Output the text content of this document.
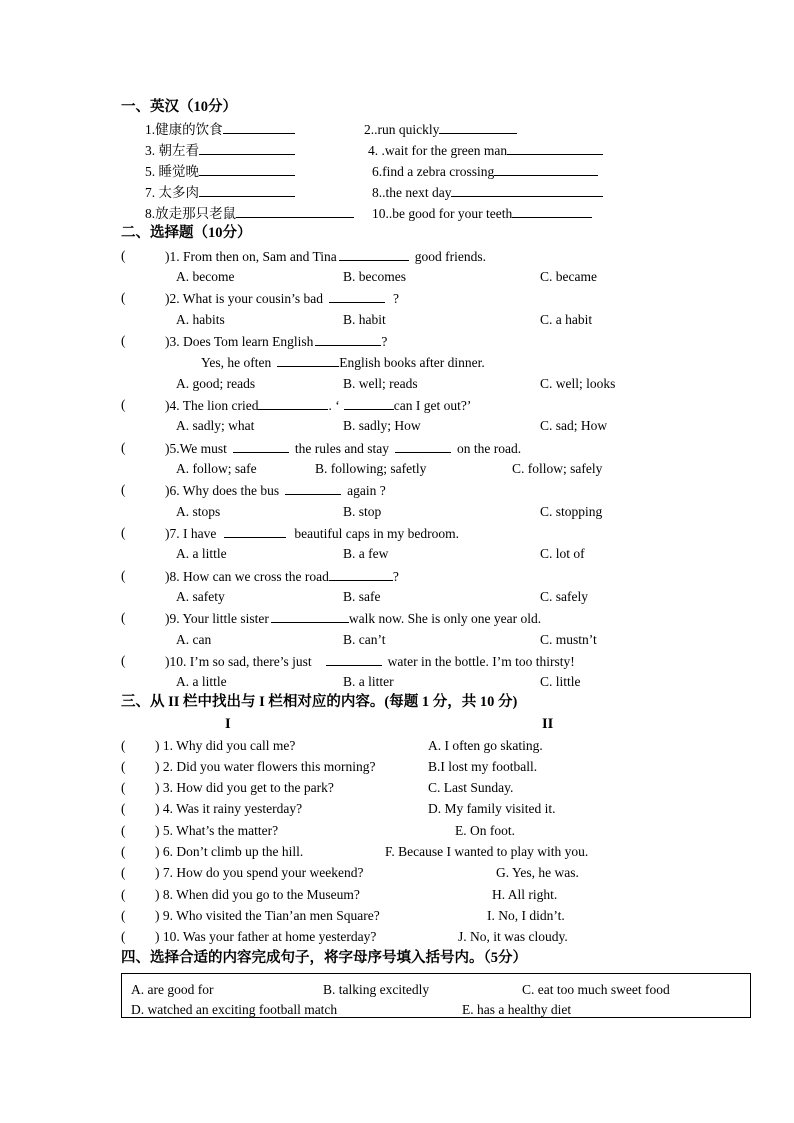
一、英汉（10分）
1.健康的饮食	2..run quickly
3. 朝左看	4. .wait for the green man
5. 睡觉晚	6.find a zebra crossing
7. 太多肉	8..the next day
8.放走那只老鼠	10..be good for your teeth
二、选择题（10分）
(	)1. From then on, Sam and Tina	good friends.
A. become	B. becomes	C. became
(	)2. What is your cousin’s bad	?
A. habits	B. habit	C. a habit
(	)3. Does Tom learn English	?
Yes, he often	English books after dinner.
A. good; reads	B. well; reads	C. well; looks
(	)4. The lion cried	. ‘	can I get out?’
A. sadly; what	B. sadly; How	C. sad; How
(	)5.We must	the rules and stay	on the road.
A. follow; safe	B. following; safetly	C. follow; safely
(	)6. Why does the bus	again ?
A. stops	B. stop	C. stopping
(	)7. I have	beautiful caps in my bedroom.
A. a little	B. a few	C. lot of
(	)8. How can we cross the road	?
A. safety	B. safe	C. safely
(	)9. Your little sister	walk now. She is only one year old.
A. can	B. can’t	C. mustn’t
(	)10. I’m so sad, there’s just	water in the bottle. I’m too thirsty!
A. a little	B. a litter	C. little
三、从 II 栏中找出与 I 栏相对应的内容。(每题 1 分，共 10 分)
I	II
( ) 1. Why did you call me?	A. I often go skating.
( ) 2. Did you water flowers this morning?	B.I lost my football.
( ) 3. How did you get to the park?	C. Last Sunday.
( ) 4. Was it rainy yesterday?	D. My family visited it.
( ) 5. What’s the matter?	E. On foot.
( ) 6. Don’t climb up the hill.	F. Because I wanted to play with you.
( ) 7. How do you spend your weekend?	G. Yes, he was.
( ) 8. When did you go to the Museum?	H. All right.
( ) 9. Who visited the Tian’an men Square?	I. No, I didn’t.
( ) 10. Was your father at home yesterday?	J. No, it was cloudy.
四、选择合适的内容完成句子，将字母序号填入括号内。（5分）
A. are good for	B. talking excitedly	C. eat too much sweet food
D. watched an exciting football match	E. has a healthy diet
